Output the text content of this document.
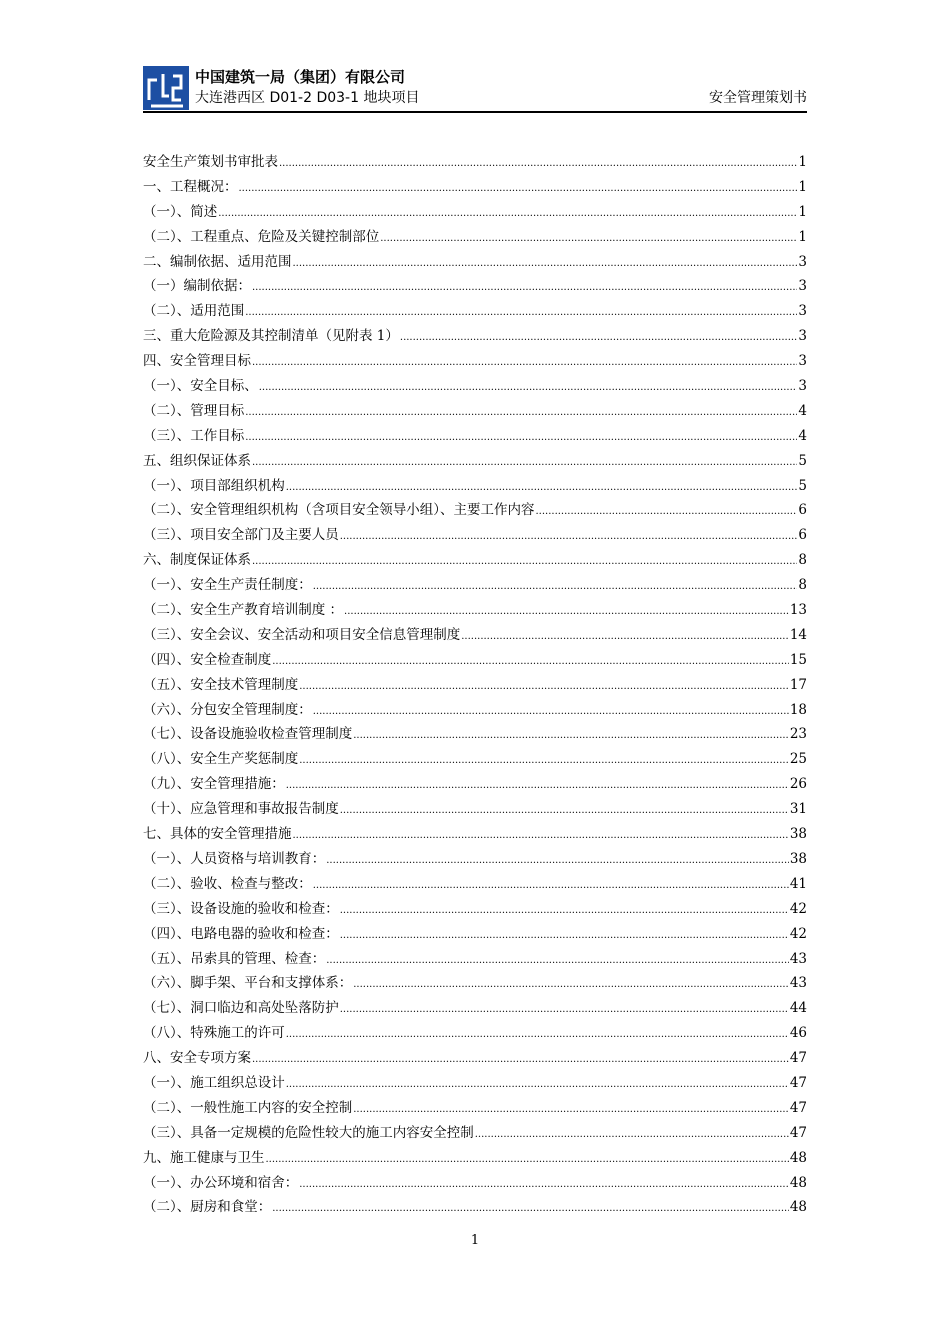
中国建筑一局（集团）有限公司
大连港西区 D01-2 D03-1 地块项目	安全管理策划书
安全生产策划书审批表 .....	1
一、工程概况： .....	1
（一）、简述 .....	1
（二）、工程重点、危险及关键控制部位 .....	1
二、编制依据、适用范围 .....	3
（一）编制依据： .....	3
（二）、适用范围 .....	3
三、重大危险源及其控制清单（见附表 1） .....	3
四、安全管理目标 .....	3
（一）、安全目标、 .....	3
（二）、管理目标 .....	4
（三）、工作目标 .....	4
五、组织保证体系 .....	5
（一）、项目部组织机构 .....	5
（二）、安全管理组织机构（含项目安全领导小组）、主要工作内容 .....	6
（三）、项目安全部门及主要人员 .....	6
六、制度保证体系 .....	8
（一）、安全生产责任制度： .....	8
（二）、安全生产教育培训制度 ： .....	13
（三）、安全会议、安全活动和项目安全信息管理制度 .....	14
（四）、安全检查制度 .....	15
（五）、安全技术管理制度 .....	17
（六）、分包安全管理制度： .....	18
（七）、设备设施验收检查管理制度 .....	23
（八）、安全生产奖惩制度 .....	25
（九）、安全管理措施： .....	26
（十）、应急管理和事故报告制度 .....	31
七、具体的安全管理措施 .....	38
（一）、人员资格与培训教育： .....	38
（二）、验收、检查与整改： .....	41
（三）、设备设施的验收和检查： .....	42
（四）、电路电器的验收和检查： .....	42
（五）、吊索具的管理、检查： .....	43
（六）、脚手架、平台和支撑体系： .....	43
（七）、洞口临边和高处坠落防护 .....	44
（八）、特殊施工的许可 .....	46
八、安全专项方案 .....	47
（一）、施工组织总设计 .....	47
（二）、一般性施工内容的安全控制 .....	47
（三）、具备一定规模的危险性较大的施工内容安全控制 .....	47
九、施工健康与卫生 .....	48
（一）、办公环境和宿舍： .....	48
（二）、厨房和食堂： .....	48
1
